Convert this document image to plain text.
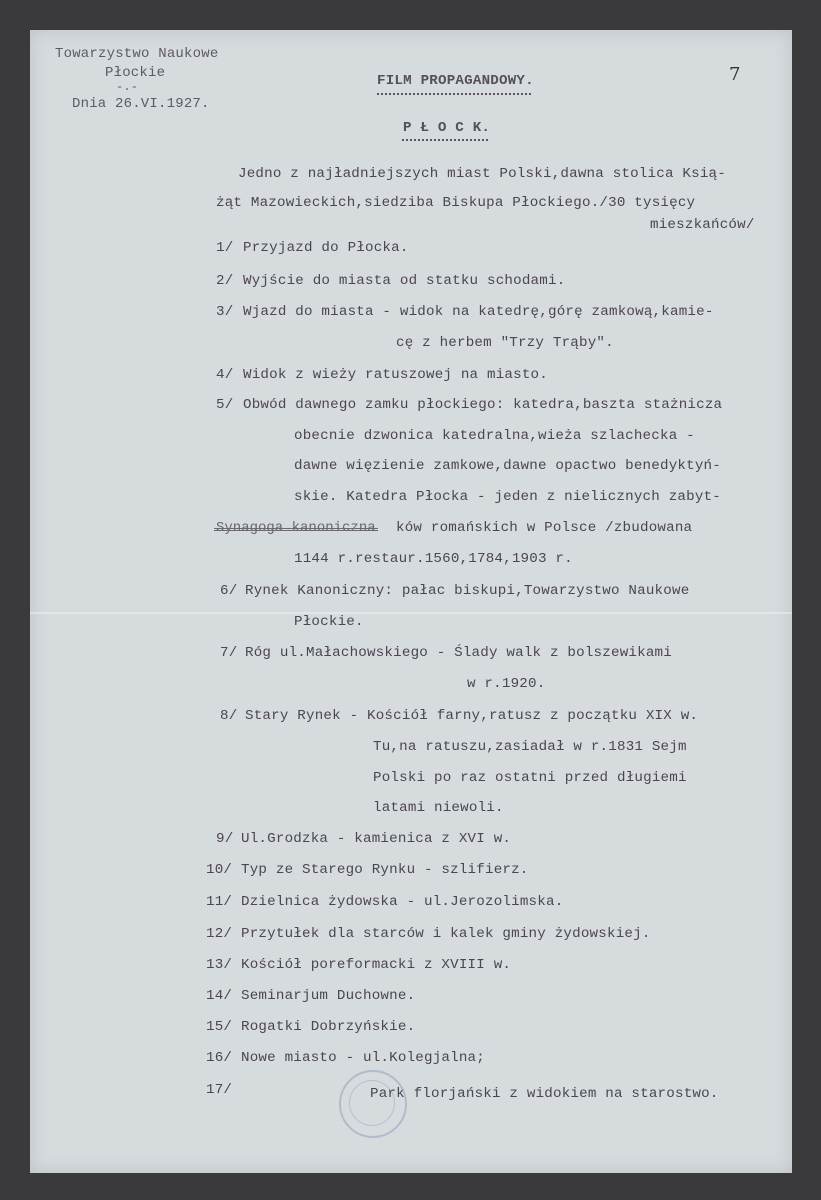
Towarzystwo Naukowe
Płockie
-.-
Dnia 26.VI.1927.
FILM PROPAGANDOWY.	7
P Ł O C K.
Jedno z najładniejszych miast Polski,dawna stolica Ksią-
żąt Mazowieckich,siedziba Biskupa Płockiego./30 tysięcy
mieszkańców/
1/ Przyjazd do Płocka.
2/ Wyjście do miasta od statku schodami.
3/ Wjazd do miasta - widok na katedrę,górę zamkową,kamie-
cę z herbem "Trzy Trąby".
4/ Widok z wieży ratuszowej na miasto.
5/ Obwód dawnego zamku płockiego: katedra,baszta stażnicza
obecnie dzwonica katedralna,wieża szlachecka -
dawne więzienie zamkowe,dawne opactwo benedyktyń-
skie. Katedra Płocka - jeden z nielicznych zabyt-
Synagoga kanoniczna ków romańskich w Polsce /zbudowana
1144 r.restaur.1560,1784,1903 r.
6/ Rynek Kanoniczny: pałac biskupi,Towarzystwo Naukowe
Płockie.
7/ Róg ul.Małachowskiego - Ślady walk z bolszewikami
w r.1920.
8/ Stary Rynek - Kościół farny,ratusz z początku XIX w.
Tu,na ratuszu,zasiadał w r.1831 Sejm
Polski po raz ostatni przed długiemi
latami niewoli.
9/ Ul.Grodzka - kamienica z XVI w.
10/ Typ ze Starego Rynku - szlifierz.
11/ Dzielnica żydowska - ul.Jerozolimska.
12/ Przytułek dla starców i kalek gminy żydowskiej.
13/ Kościół poreformacki z XVIII w.
14/ Seminarjum Duchowne.
15/ Rogatki Dobrzyńskie.
16/ Nowe miasto - ul.Kolegjalna;
17/	Park florjański z widokiem na starostwo.
